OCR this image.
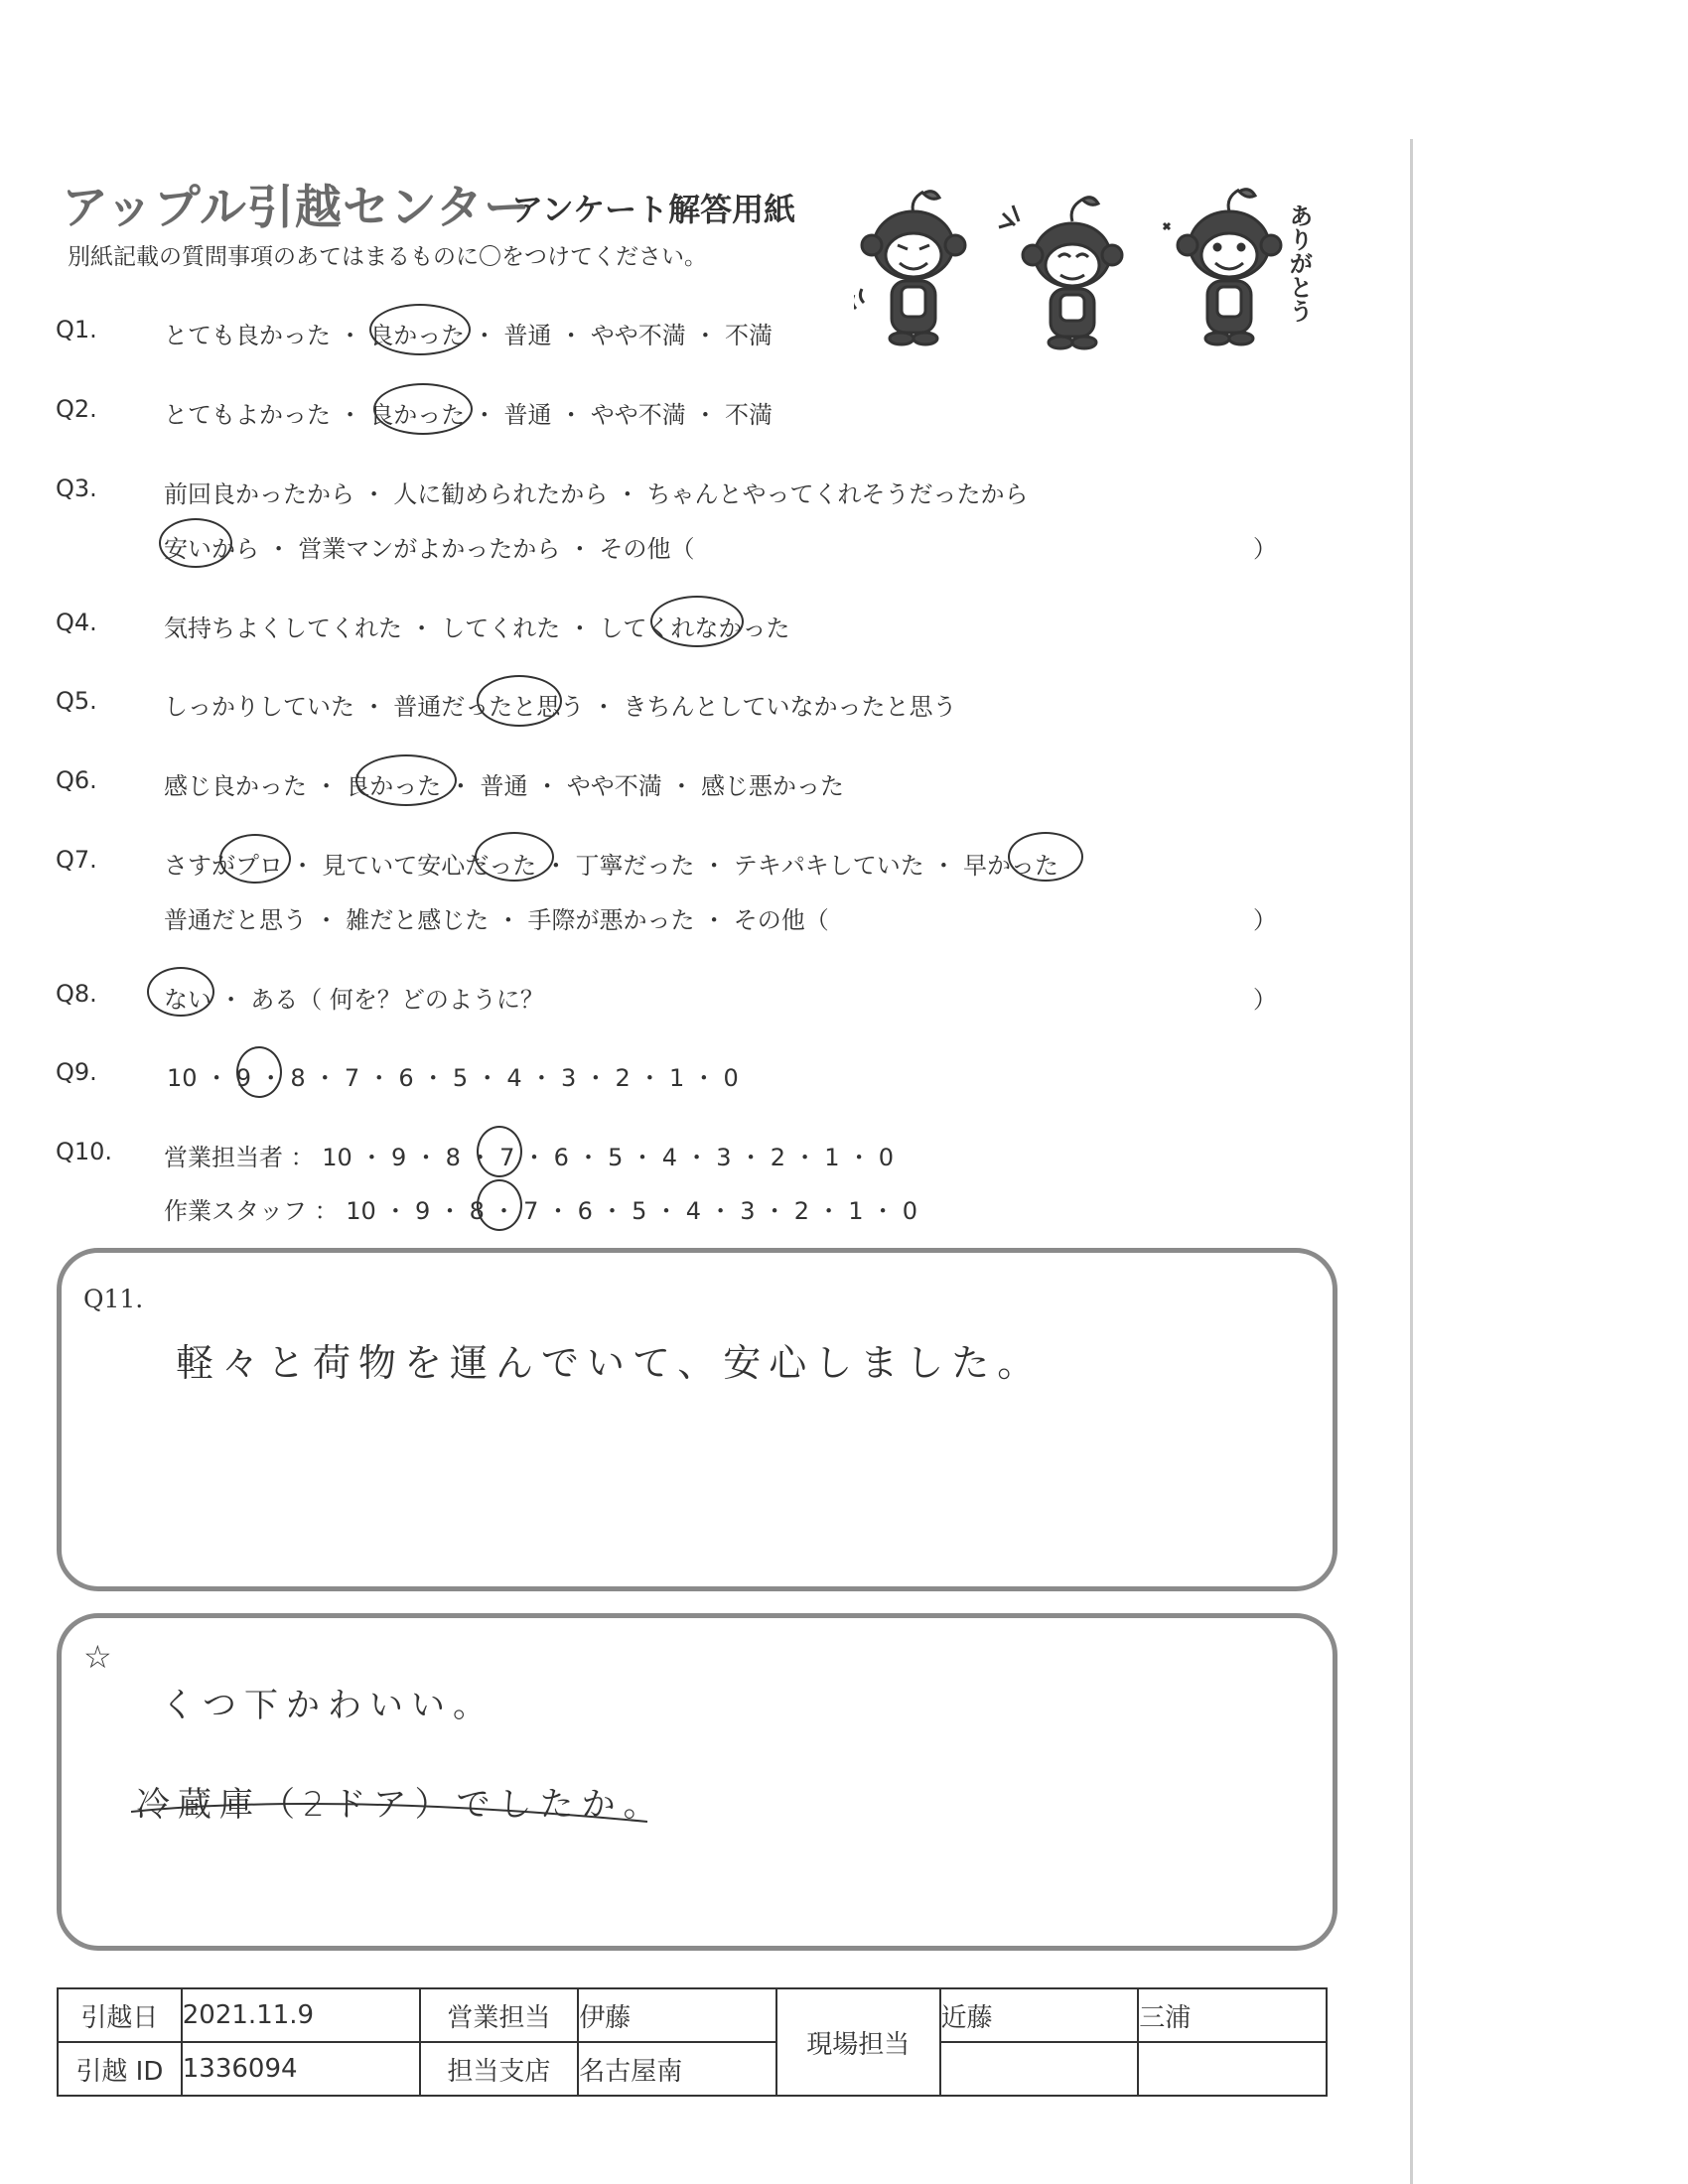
アップル引越センター
アンケート解答用紙
別紙記載の質問事項のあてはまるものに〇をつけてください。	ありがとう
Q1.	とても良かった ・ 良かった ・ 普通 ・ やや不満 ・ 不満
Q2.	とてもよかった ・ 良かった ・ 普通 ・ やや不満 ・ 不満
Q3.	前回良かったから ・ 人に勧められたから ・ ちゃんとやってくれそうだったから
安いから ・ 営業マンがよかったから ・ その他（	）
Q4.	気持ちよくしてくれた ・ してくれた ・ してくれなかった
Q5.	しっかりしていた ・ 普通だったと思う ・ きちんとしていなかったと思う
Q6.	感じ良かった ・ 良かった ・ 普通 ・ やや不満 ・ 感じ悪かった
Q7.	さすがプロ ・ 見ていて安心だった ・ 丁寧だった ・ テキパキしていた ・ 早かった
普通だと思う ・ 雑だと感じた ・ 手際が悪かった ・ その他（	）
Q8.	ない ・ ある（ 何を？どのように？	）
Q9.	10 ・ 9 ・ 8 ・ 7 ・ 6 ・ 5 ・ 4 ・ 3 ・ 2 ・ 1 ・ 0
Q10. 営業担当者 ： 10 ・ 9 ・ 8 ・ 7 ・ 6 ・ 5 ・ 4 ・ 3 ・ 2 ・ 1 ・ 0
作業スタッフ ： 10 ・ 9 ・ 8 ・ 7 ・ 6 ・ 5 ・ 4 ・ 3 ・ 2 ・ 1 ・ 0
Q11.
軽々と荷物を運んでいて、安心しました。
☆
くつ下かわいい。
冷蔵庫（2ドア）でしたか。
引越日	2021.11.9	営業担当	伊藤	現場担当	近藤	三浦
引越 ID	1336094	担当支店	名古屋南			
